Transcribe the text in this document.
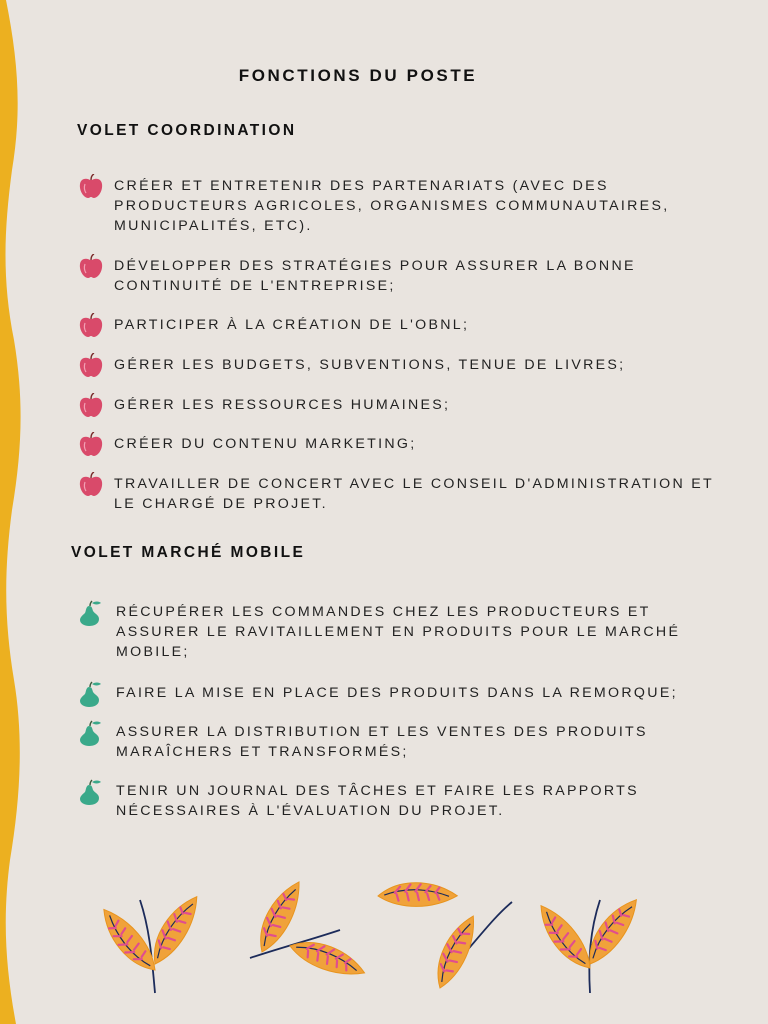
FONCTIONS DU POSTE
VOLET COORDINATION
CRÉER ET ENTRETENIR DES PARTENARIATS (AVEC DES PRODUCTEURS AGRICOLES, ORGANISMES COMMUNAUTAIRES, MUNICIPALITÉS, ETC).
DÉVELOPPER DES STRATÉGIES POUR ASSURER LA BONNE CONTINUITÉ DE L'ENTREPRISE;
PARTICIPER À LA CRÉATION DE L'OBNL;
GÉRER LES BUDGETS, SUBVENTIONS, TENUE DE LIVRES;
GÉRER LES RESSOURCES HUMAINES;
CRÉER DU CONTENU MARKETING;
TRAVAILLER DE CONCERT AVEC LE CONSEIL D'ADMINISTRATION ET LE CHARGÉ DE PROJET.
VOLET MARCHÉ MOBILE
RÉCUPÉRER LES COMMANDES CHEZ LES PRODUCTEURS ET ASSURER LE RAVITAILLEMENT EN PRODUITS POUR LE MARCHÉ MOBILE;
FAIRE LA MISE EN PLACE DES PRODUITS DANS LA REMORQUE;
ASSURER LA DISTRIBUTION ET LES VENTES DES PRODUITS MARAÎCHERS ET TRANSFORMÉS;
TENIR UN JOURNAL DES TÂCHES ET FAIRE LES RAPPORTS NÉCESSAIRES À L'ÉVALUATION DU PROJET.
